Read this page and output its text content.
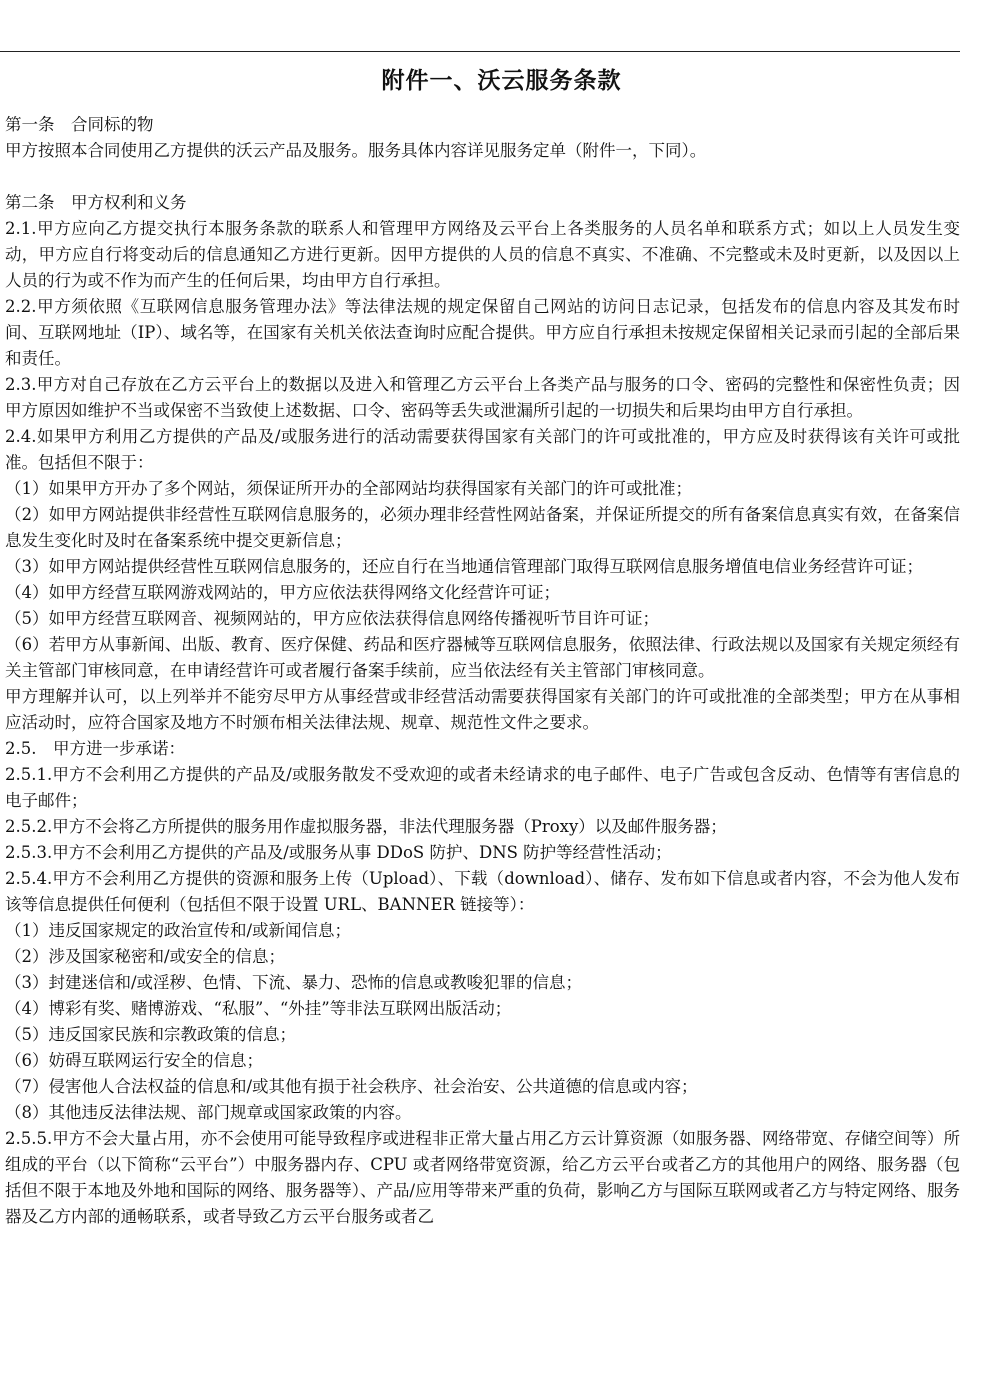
附件一、沃云服务条款

第一条　合同标的物

甲方按照本合同使用乙方提供的沃云产品及服务。服务具体内容详见服务定单（附件一，下同）。

第二条　甲方权利和义务

2.1.甲方应向乙方提交执行本服务条款的联系人和管理甲方网络及云平台上各类服务的人员名单和联系方式；如以上人员发生变动，甲方应自行将变动后的信息通知乙方进行更新。因甲方提供的人员的信息不真实、不准确、不完整或未及时更新，以及因以上人员的行为或不作为而产生的任何后果，均由甲方自行承担。

2.2.甲方须依照《互联网信息服务管理办法》等法律法规的规定保留自己网站的访问日志记录，包括发布的信息内容及其发布时间、互联网地址（IP）、域名等，在国家有关机关依法查询时应配合提供。甲方应自行承担未按规定保留相关记录而引起的全部后果和责任。

2.3.甲方对自己存放在乙方云平台上的数据以及进入和管理乙方云平台上各类产品与服务的口令、密码的完整性和保密性负责；因甲方原因如维护不当或保密不当致使上述数据、口令、密码等丢失或泄漏所引起的一切损失和后果均由甲方自行承担。

2.4.如果甲方利用乙方提供的产品及/或服务进行的活动需要获得国家有关部门的许可或批准的，甲方应及时获得该有关许可或批准。包括但不限于：

（1）如果甲方开办了多个网站，须保证所开办的全部网站均获得国家有关部门的许可或批准；

（2）如甲方网站提供非经营性互联网信息服务的，必须办理非经营性网站备案，并保证所提交的所有备案信息真实有效，在备案信息发生变化时及时在备案系统中提交更新信息；

（3）如甲方网站提供经营性互联网信息服务的，还应自行在当地通信管理部门取得互联网信息服务增值电信业务经营许可证；

（4）如甲方经营互联网游戏网站的，甲方应依法获得网络文化经营许可证；

（5）如甲方经营互联网音、视频网站的，甲方应依法获得信息网络传播视听节目许可证；

（6）若甲方从事新闻、出版、教育、医疗保健、药品和医疗器械等互联网信息服务，依照法律、行政法规以及国家有关规定须经有关主管部门审核同意，在申请经营许可或者履行备案手续前，应当依法经有关主管部门审核同意。

甲方理解并认可，以上列举并不能穷尽甲方从事经营或非经营活动需要获得国家有关部门的许可或批准的全部类型；甲方在从事相应活动时，应符合国家及地方不时颁布相关法律法规、规章、规范性文件之要求。

2.5.　甲方进一步承诺：

2.5.1.甲方不会利用乙方提供的产品及/或服务散发不受欢迎的或者未经请求的电子邮件、电子广告或包含反动、色情等有害信息的电子邮件；

2.5.2.甲方不会将乙方所提供的服务用作虚拟服务器，非法代理服务器（Proxy）以及邮件服务器；

2.5.3.甲方不会利用乙方提供的产品及/或服务从事 DDoS 防护、DNS 防护等经营性活动；

2.5.4.甲方不会利用乙方提供的资源和服务上传（Upload）、下载（download）、储存、发布如下信息或者内容，不会为他人发布该等信息提供任何便利（包括但不限于设置 URL、BANNER 链接等）：

（1）违反国家规定的政治宣传和/或新闻信息；

（2）涉及国家秘密和/或安全的信息；

（3）封建迷信和/或淫秽、色情、下流、暴力、恐怖的信息或教唆犯罪的信息；

（4）博彩有奖、赌博游戏、“私服”、“外挂”等非法互联网出版活动；

（5）违反国家民族和宗教政策的信息；

（6）妨碍互联网运行安全的信息；

（7）侵害他人合法权益的信息和/或其他有损于社会秩序、社会治安、公共道德的信息或内容；

（8）其他违反法律法规、部门规章或国家政策的内容。

2.5.5.甲方不会大量占用，亦不会使用可能导致程序或进程非正常大量占用乙方云计算资源（如服务器、网络带宽、存储空间等）所组成的平台（以下简称“云平台”）中服务器内存、CPU 或者网络带宽资源，给乙方云平台或者乙方的其他用户的网络、服务器（包括但不限于本地及外地和国际的网络、服务器等）、产品/应用等带来严重的负荷，影响乙方与国际互联网或者乙方与特定网络、服务器及乙方内部的通畅联系，或者导致乙方云平台服务或者乙
